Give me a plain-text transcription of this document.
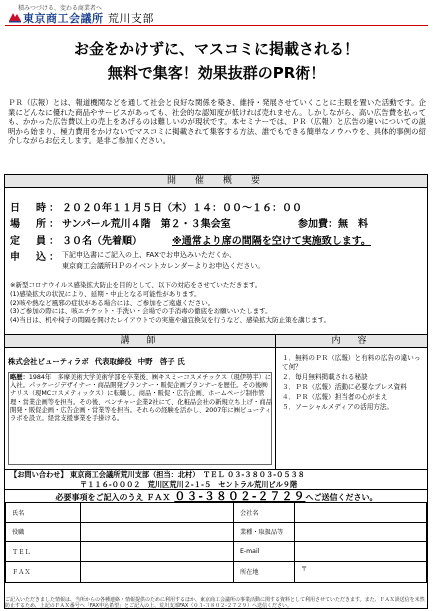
積みつづける、変わる商業者へ
東京商工会議所 荒川支部
お金をかけずに、マスコミに掲載される！
無料で集客！効果抜群のPR術！
ＰＲ（広報）とは、報道機関などを通して社会と良好な関係を築き、維持・発展させていくことに主眼を置いた活動です。企業にどんなに優れた商品やサービスがあっても、社会的な認知度が低ければ売れません。しかしながら、高い広告費を払っても、かかった広告費以上の売上をあげるのは難しいのが現状です。本セミナーでは、ＰＲ（広報）と広告の違いについての説明から始まり、極力費用をかけないでマスコミに掲載されて集客する方法、誰でもできる簡単なノウハウを、具体的事例の紹介しながらお伝えします。是非ご参加ください。
開　催　概　要
日　時：２０２０年１１月５日（木）１４：００～１６：００
場　所：サンパール荒川４階　第２・３集会室	参加費：無　料
定　員：３０名（先着順）	※通常より席の間隔を空けて実施致します。
申　込： 下記申込書にご記入の上、FAXでお申込みいただくか、
東京商工会議所ＨＰのイベントカレンダーよりお申込ください。
※新型コロナウイルス感染拡大防止を目的として、以下の対応をさせていただきます。
(1)感染拡大の状況により、延期・中止となる可能性があります。
(2)咳や熱など風邪の症状がある場合には、ご参加をご遠慮ください。
(3)ご参加の際には、咳エチケット・手洗い・会場での手消毒の徹底をお願いいたします。
(4)当日は、机や椅子の間隔を開けたレイアウトでの実施や適宜換気を行うなど、感染拡大防止策を講じます。
講　師	内　容
株式会社ビューティラボ 代表取締役 中野　啓子 氏
略歴：1984年　多摩美術大学美術学部を卒業後、㈱キスミーコスメチックス（現伊勢半）に入社。パッケージデザイナー・商品開発プランナー・販促企画プランナーを歴任。その後㈱ナリス（現MCコスメティックス）に転職し、商品・販促・広告企画、ホームページ制作管理・営業企画等を担当。その後、ベンチャー企業2社にて、化粧品会社の新規立ち上げ・商品開発・販促企画・広告企画・営業等を担当。それらの経験を活かし、2007年に㈱ビューティラボを設立。経営支援事業を手掛ける。
１．無料のＰＲ（広報）と有料の広告の違いって何？
２．毎月無料掲載される秘訣
３．ＰＲ（広報）活動に必要なプレス資料
４．ＰＲ（広報）担当者の心がまえ
５．ソーシャルメディアの活用方法。
【お問い合わせ】 東京商工会議所荒川支部（担当：北村）　ＴＥＬ ０３-３８０３-０５３８
〒１１６-０００２　荒川区荒川２-１-５　セントラル荒川ビル９階
必要事項をご記入のうえ ＦＡＸ ０３-３８０２-２７２９へご送信ください。
氏名		会社名	
役職		業種・取扱品等	
ＴＥＬ		E-mail	
ＦＡＸ		所在地	〒
ご記入いただきました情報は、当所からの各種連絡・情報提供のために利用するほか、東京商工会議所の事業活動に関する資料として利用させていただきます。また、ＦＡＸ誤送信を未然防止するため、上記のＦＡＸ番号へ「FAX申込希望」とご記入の上、荒川支部FAX（０３-３８０２-２７２９）へ送信ください。
